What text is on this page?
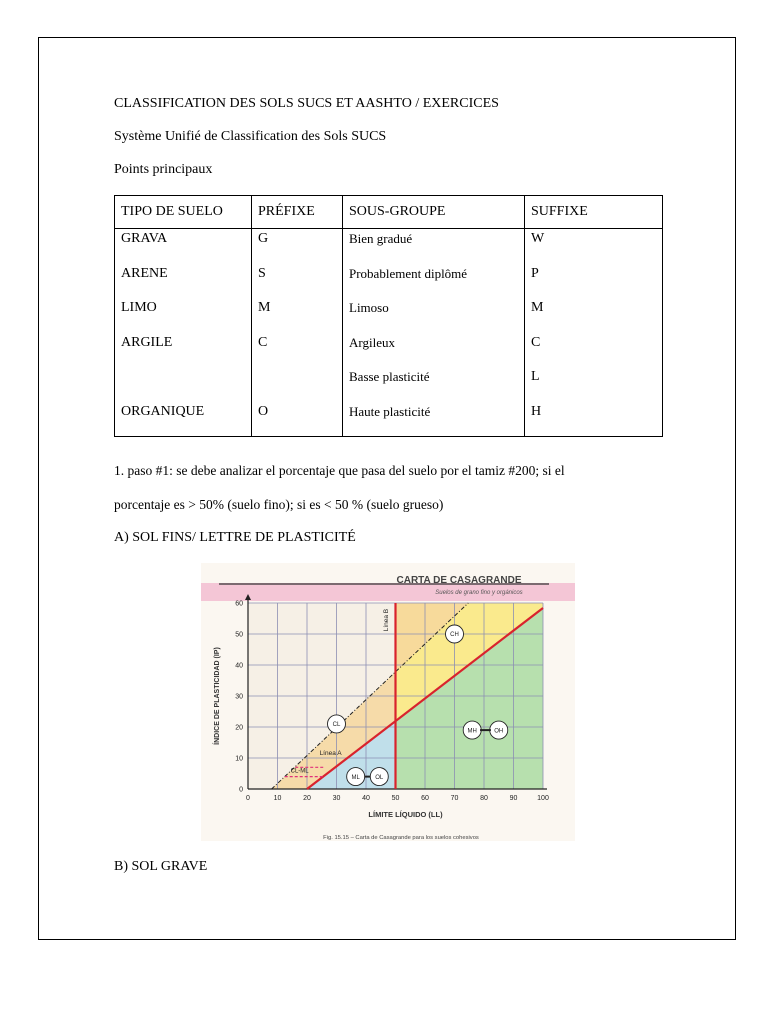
CLASSIFICATION DES SOLS SUCS ET AASHTO / EXERCICES
Système Unifié de Classification des Sols SUCS
Points principaux
TIPO DE SUELO	PRÉFIXE	SOUS-GROUPE	SUFFIXE
GRAVA	G	Bien gradué	W
ARENE	S	Probablement diplômé	P
LIMO	M	Limoso	M
ARGILE	C	Argileux	C
		Basse plasticité	L
ORGANIQUE	O	Haute plasticité	H
1. paso #1: se debe analizar el porcentaje que pasa del suelo por el tamiz #200; si el
porcentaje es > 50% (suelo fino); si es < 50 % (suelo grueso)
A) SOL FINS/ LETTRE DE PLASTICITÉ
CARTA DE CASAGRANDE
Suelos de grano fino y orgánicos
0	10	20	30	40	50	60	70	80	90	100
0
10
20
30
40
50
60
CH
CL
MH	OH
ML	OL
CL-ML
Línea A
Línea B
LÍMITE LÍQUIDO (LL)
ÍNDICE DE PLASTICIDAD (IP)
Fig. 15.15 – Carta de Casagrande para los suelos cohesivos
B) SOL GRAVE
